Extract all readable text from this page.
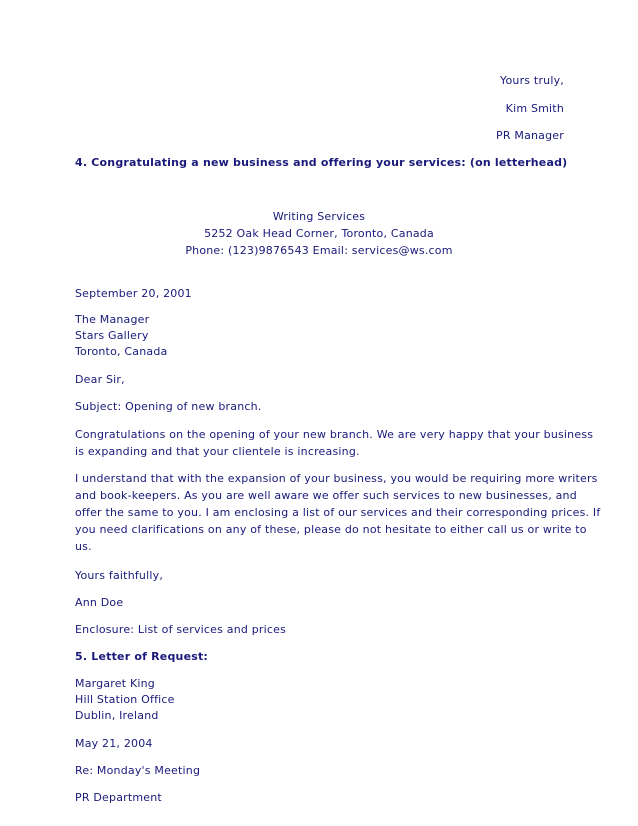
Yours truly,
Kim Smith
PR Manager
4. Congratulating a new business and offering your services: (on letterhead)
Writing Services
5252 Oak Head Corner, Toronto, Canada
Phone: (123)9876543 Email: services@ws.com
September 20, 2001
The Manager
Stars Gallery
Toronto, Canada
Dear Sir,
Subject: Opening of new branch.
Congratulations on the opening of your new branch. We are very happy that your business
is expanding and that your clientele is increasing.
I understand that with the expansion of your business, you would be requiring more writers
and book-keepers. As you are well aware we offer such services to new businesses, and
offer the same to you. I am enclosing a list of our services and their corresponding prices. If
you need clarifications on any of these, please do not hesitate to either call us or write to
us.
Yours faithfully,
Ann Doe
Enclosure: List of services and prices
5. Letter of Request:
Margaret King
Hill Station Office
Dublin, Ireland
May 21, 2004
Re: Monday's Meeting
PR Department
